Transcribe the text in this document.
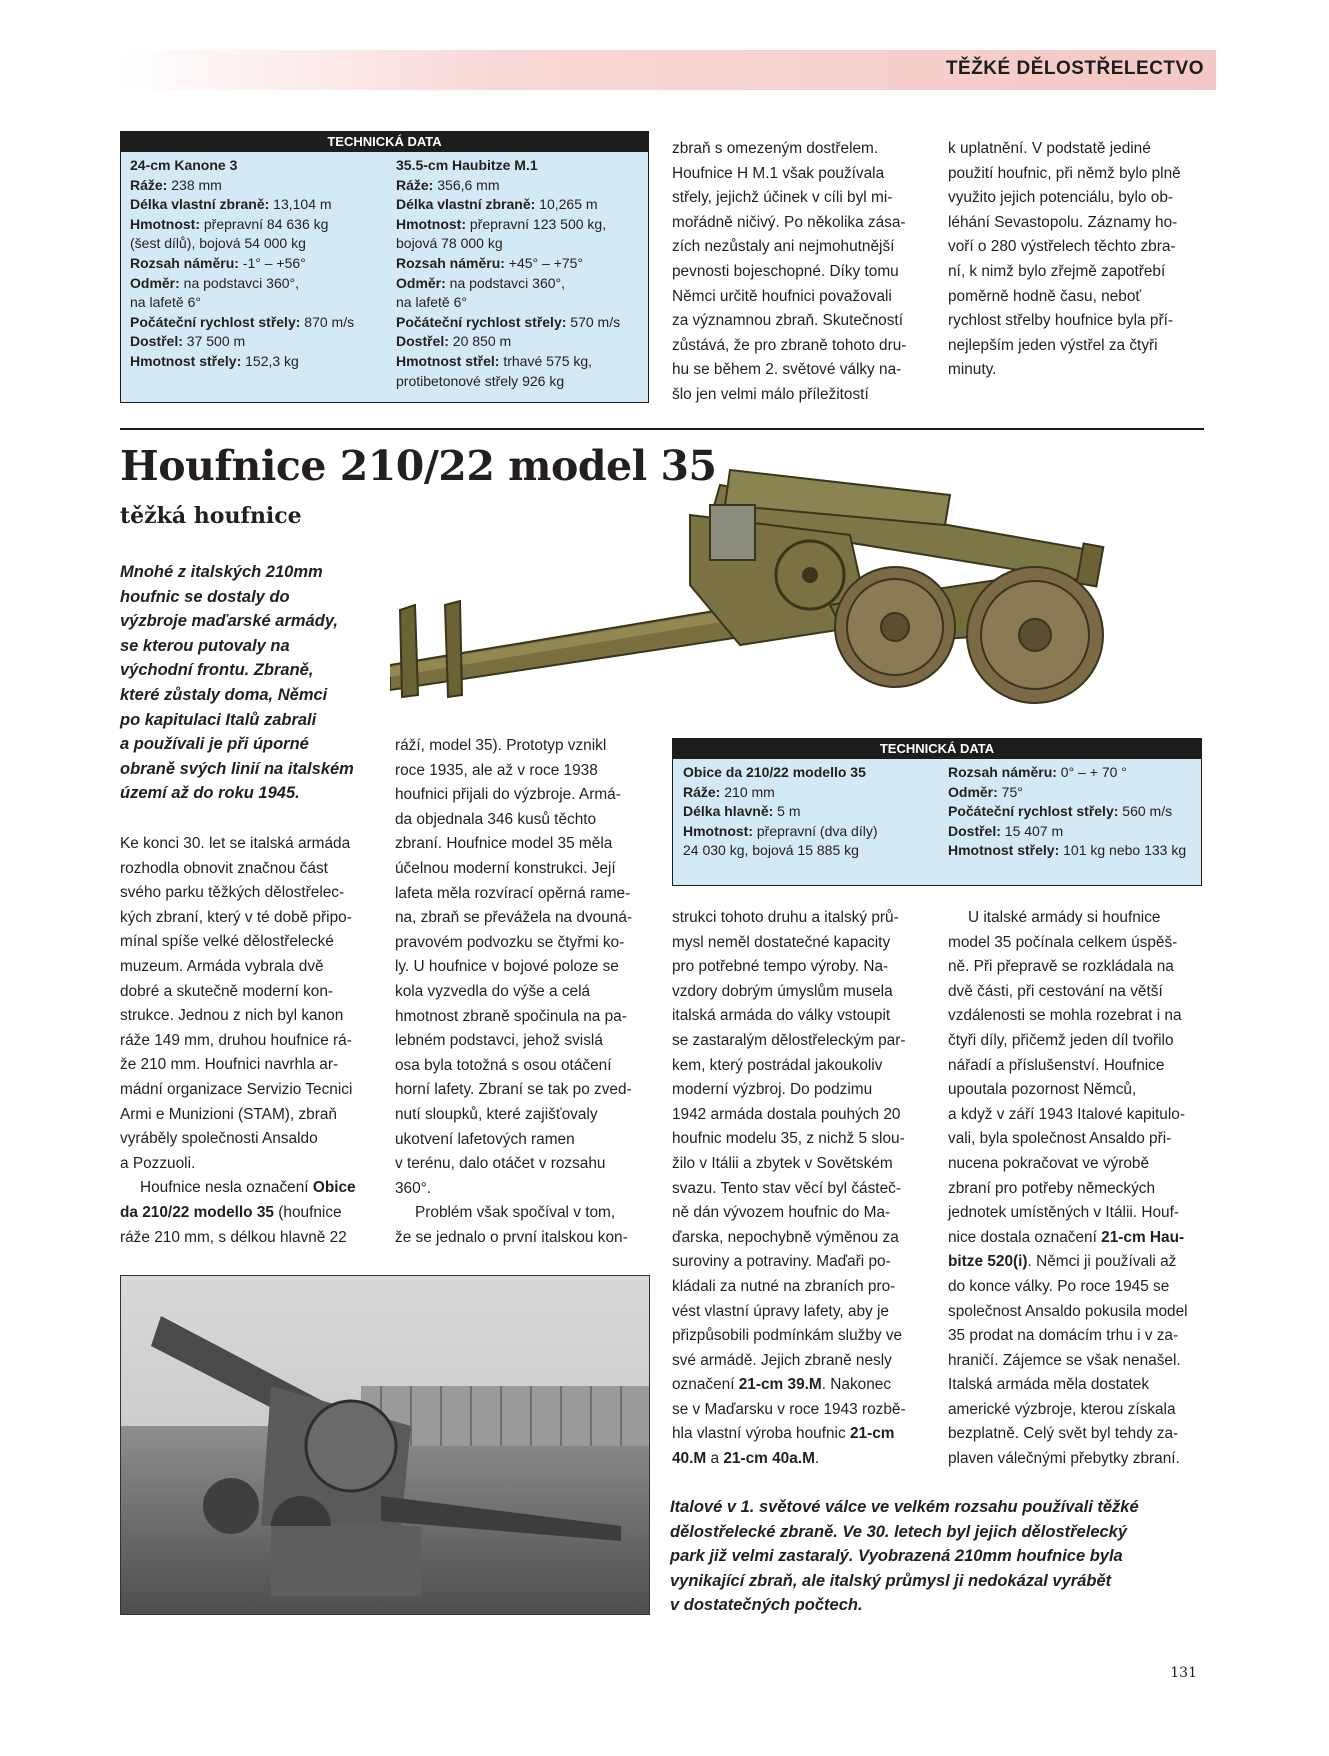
TĚŽKÉ DĚLOSTŘELECTVO
TECHNICKÁ DATA
24-cm Kanone 3
Ráže: 238 mm
Délka vlastní zbraně: 13,104 m
Hmotnost: přepravní 84 636 kg
(šest dílů), bojová 54 000 kg
Rozsah náměru: -1° – +56°
Odměr: na podstavci 360°,
na lafetě 6°
Počáteční rychlost střely: 870 m/s
Dostřel: 37 500 m
Hmotnost střely: 152,3 kg
35.5-cm Haubitze M.1
Ráže: 356,6 mm
Délka vlastní zbraně: 10,265 m
Hmotnost: přepravní 123 500 kg,
bojová 78 000 kg
Rozsah náměru: +45° – +75°
Odměr: na podstavci 360°,
na lafetě 6°
Počáteční rychlost střely: 570 m/s
Dostřel: 20 850 m
Hmotnost střel: trhavé 575 kg,
protibetonové střely 926 kg
zbraň s omezeným dostřelem.
Houfnice H M.1 však používala
střely, jejichž účinek v cíli byl mi-
mořádně ničivý. Po několika zása-
zích nezůstaly ani nejmohutnější
pevnosti bojeschopné. Díky tomu
Němci určitě houfnici považovali
za významnou zbraň. Skutečností
zůstává, že pro zbraně tohoto dru-
hu se během 2. světové války na-
šlo jen velmi málo příležitostí
k uplatnění. V podstatě jediné
použití houfnic, při němž bylo plně
využito jejich potenciálu, bylo ob-
léhání Sevastopolu. Záznamy ho-
voří o 280 výstřelech těchto zbra-
ní, k nimž bylo zřejmě zapotřebí
poměrně hodně času, neboť
rychlost střelby houfnice byla pří-
nejlepším jeden výstřel za čtyři
minuty.
Houfnice 210/22 model 35
těžká houfnice
Mnohé z italských 210mm
houfnic se dostaly do
výzbroje maďarské armády,
se kterou putovaly na
východní frontu. Zbraně,
které zůstaly doma, Němci
po kapitulaci Italů zabrali
a používali je při úporné
obraně svých linií na italském
území až do roku 1945.
TECHNICKÁ DATA
Obice da 210/22 modello 35
Ráže: 210 mm
Délka hlavně: 5 m
Hmotnost: přepravní (dva díly)
24 030 kg, bojová 15 885 kg
Rozsah náměru: 0° – + 70 °
Odměr: 75°
Počáteční rychlost střely: 560 m/s
Dostřel: 15 407 m
Hmotnost střely: 101 kg nebo 133 kg
Ke konci 30. let se italská armáda
rozhodla obnovit značnou část
svého parku těžkých dělostřelec-
kých zbraní, který v té době připo-
mínal spíše velké dělostřelecké
muzeum. Armáda vybrala dvě
dobré a skutečně moderní kon-
strukce. Jednou z nich byl kanon
ráže 149 mm, druhou houfnice rá-
že 210 mm. Houfnici navrhla ar-
mádní organizace Servizio Tecnici
Armi e Munizioni (STAM), zbraň
vyráběly společnosti Ansaldo
a Pozzuoli.
Houfnice nesla označení Obice
da 210/22 modello 35 (houfnice
ráže 210 mm, s délkou hlavně 22
ráží, model 35). Prototyp vznikl
roce 1935, ale až v roce 1938
houfnici přijali do výzbroje. Armá-
da objednala 346 kusů těchto
zbraní. Houfnice model 35 měla
účelnou moderní konstrukci. Její
lafeta měla rozvírací opěrná rame-
na, zbraň se převážela na dvouná-
pravovém podvozku se čtyřmi ko-
ly. U houfnice v bojové poloze se
kola vyzvedla do výše a celá
hmotnost zbraně spočinula na pa-
lebném podstavci, jehož svislá
osa byla totožná s osou otáčení
horní lafety. Zbraní se tak po zved-
nutí sloupků, které zajišťovaly
ukotvení lafetových ramen
v terénu, dalo otáčet v rozsahu
360°.
Problém však spočíval v tom,
že se jednalo o první italskou kon-
strukci tohoto druhu a italský prů-
mysl neměl dostatečné kapacity
pro potřebné tempo výroby. Na-
vzdory dobrým úmyslům musela
italská armáda do války vstoupit
se zastaralým dělostřeleckým par-
kem, který postrádal jakoukoliv
moderní výzbroj. Do podzimu
1942 armáda dostala pouhých 20
houfnic modelu 35, z nichž 5 slou-
žilo v Itálii a zbytek v Sovětském
svazu. Tento stav věcí byl částeč-
ně dán vývozem houfnic do Ma-
ďarska, nepochybně výměnou za
suroviny a potraviny. Maďaři po-
kládali za nutné na zbraních pro-
vést vlastní úpravy lafety, aby je
přizpůsobili podmínkám služby ve
své armádě. Jejich zbraně nesly
označení 21-cm 39.M. Nakonec
se v Maďarsku v roce 1943 rozbě-
hla vlastní výroba houfnic 21-cm
40.M a 21-cm 40a.M.
U italské armády si houfnice
model 35 počínala celkem úspěš-
ně. Při přepravě se rozkládala na
dvě části, při cestování na větší
vzdálenosti se mohla rozebrat i na
čtyři díly, přičemž jeden díl tvořilo
nářadí a příslušenství. Houfnice
upoutala pozornost Němců,
a když v září 1943 Italové kapitulo-
vali, byla společnost Ansaldo při-
nucena pokračovat ve výrobě
zbraní pro potřeby německých
jednotek umístěných v Itálii. Houf-
nice dostala označení 21-cm Hau-
bitze 520(i). Němci ji používali až
do konce války. Po roce 1945 se
společnost Ansaldo pokusila model
35 prodat na domácím trhu i v za-
hraničí. Zájemce se však nenašel.
Italská armáda měla dostatek
americké výzbroje, kterou získala
bezplatně. Celý svět byl tehdy za-
plaven válečnými přebytky zbraní.
Italové v 1. světové válce ve velkém rozsahu používali těžké
dělostřelecké zbraně. Ve 30. letech byl jejich dělostřelecký
park již velmi zastaralý. Vyobrazená 210mm houfnice byla
vynikající zbraň, ale italský průmysl ji nedokázal vyrábět
v dostatečných počtech.
131
